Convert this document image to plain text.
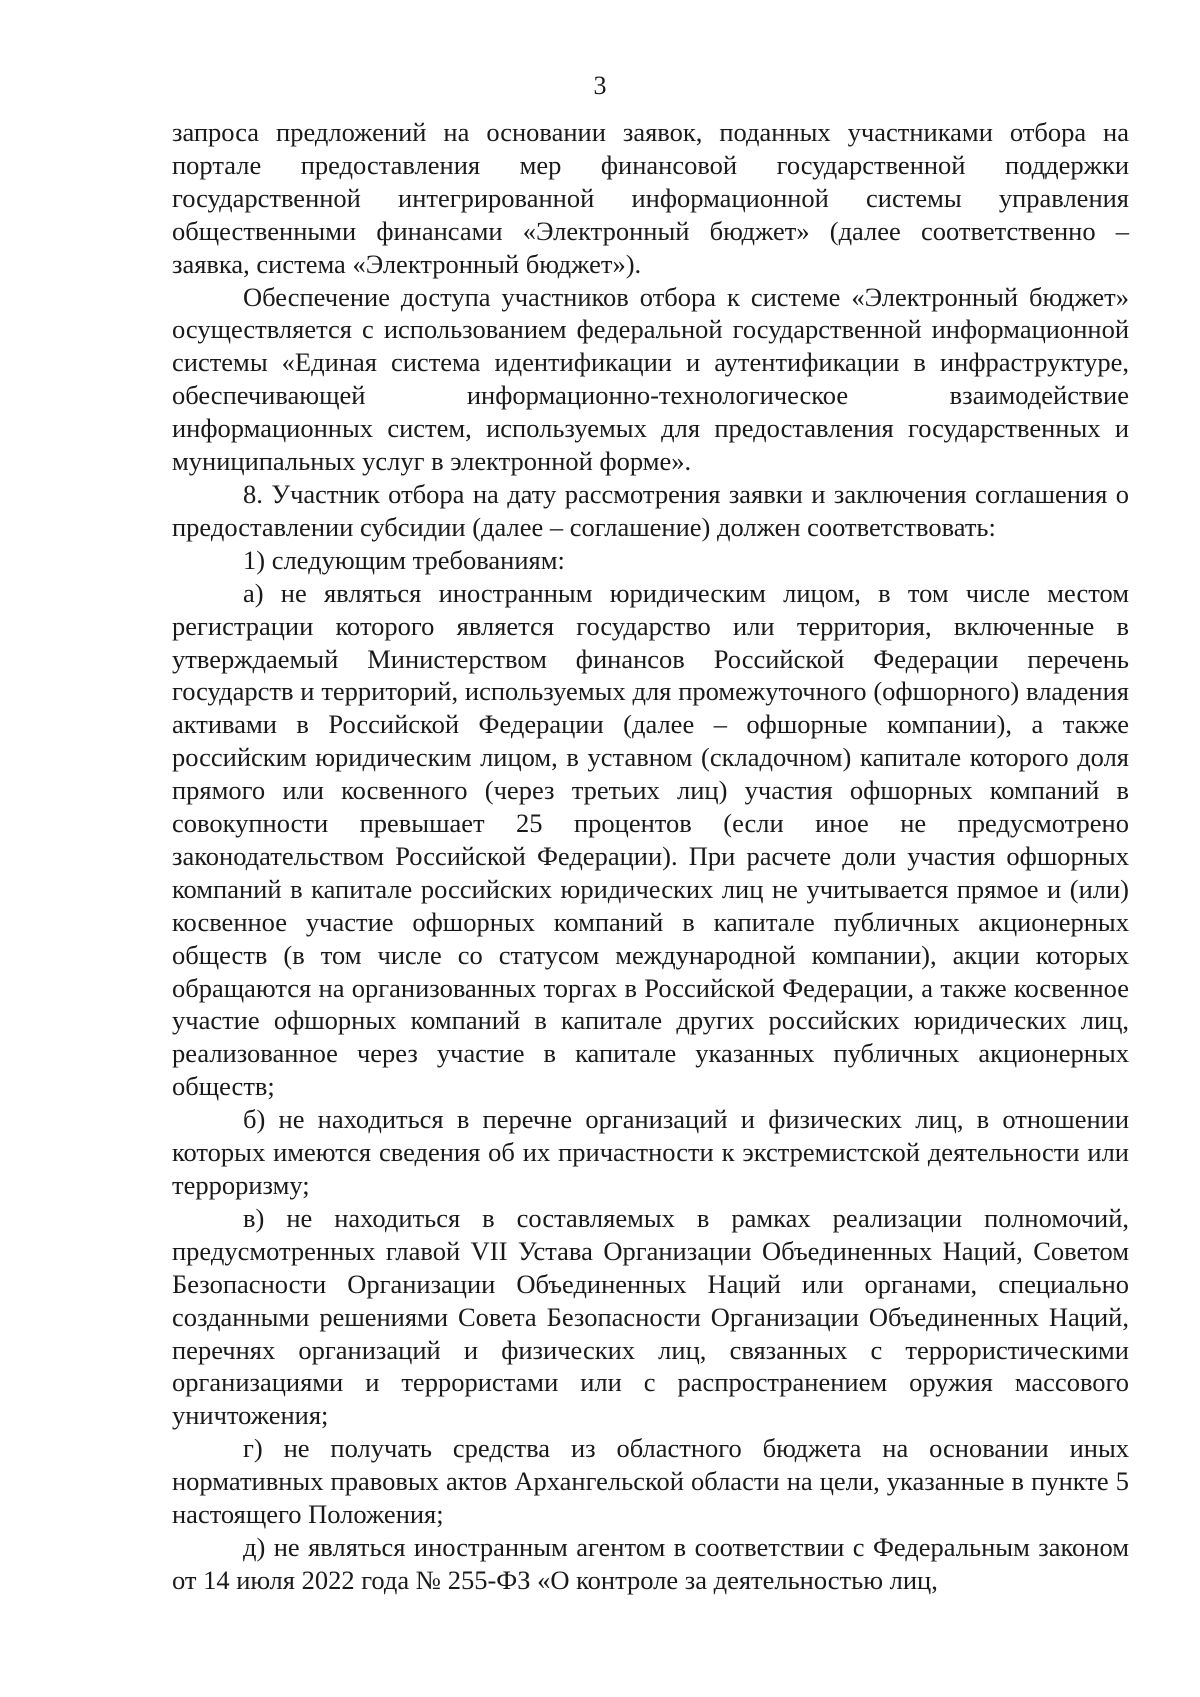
3

запроса предложений на основании заявок, поданных участниками отбора на портале предоставления мер финансовой государственной поддержки государственной интегрированной информационной системы управления общественными финансами «Электронный бюджет» (далее соответственно – заявка, система «Электронный бюджет»).

Обеспечение доступа участников отбора к системе «Электронный бюджет» осуществляется с использованием федеральной государственной информационной системы «Единая система идентификации и аутентификации в инфраструктуре, обеспечивающей информационно-технологическое взаимодействие информационных систем, используемых для предоставления государственных и муниципальных услуг в электронной форме».

8. Участник отбора на дату рассмотрения заявки и заключения соглашения о предоставлении субсидии (далее – соглашение) должен соответствовать:

1) следующим требованиям:

а) не являться иностранным юридическим лицом, в том числе местом регистрации которого является государство или территория, включенные в утверждаемый Министерством финансов Российской Федерации перечень государств и территорий, используемых для промежуточного (офшорного) владения активами в Российской Федерации (далее – офшорные компании), а также российским юридическим лицом, в уставном (складочном) капитале которого доля прямого или косвенного (через третьих лиц) участия офшорных компаний в совокупности превышает 25 процентов (если иное не предусмотрено законодательством Российской Федерации). При расчете доли участия офшорных компаний в капитале российских юридических лиц не учитывается прямое и (или) косвенное участие офшорных компаний в капитале публичных акционерных обществ (в том числе со статусом международной компании), акции которых обращаются на организованных торгах в Российской Федерации, а также косвенное участие офшорных компаний в капитале других российских юридических лиц, реализованное через участие в капитале указанных публичных акционерных обществ;

б) не находиться в перечне организаций и физических лиц, в отношении которых имеются сведения об их причастности к экстремистской деятельности или терроризму;

в) не находиться в составляемых в рамках реализации полномочий, предусмотренных главой VII Устава Организации Объединенных Наций, Советом Безопасности Организации Объединенных Наций или органами, специально созданными решениями Совета Безопасности Организации Объединенных Наций, перечнях организаций и физических лиц, связанных с террористическими организациями и террористами или с распространением оружия массового уничтожения;

г) не получать средства из областного бюджета на основании иных нормативных правовых актов Архангельской области на цели, указанные в пункте 5 настоящего Положения;

д) не являться иностранным агентом в соответствии с Федеральным законом от 14 июля 2022 года № 255-ФЗ «О контроле за деятельностью лиц,
